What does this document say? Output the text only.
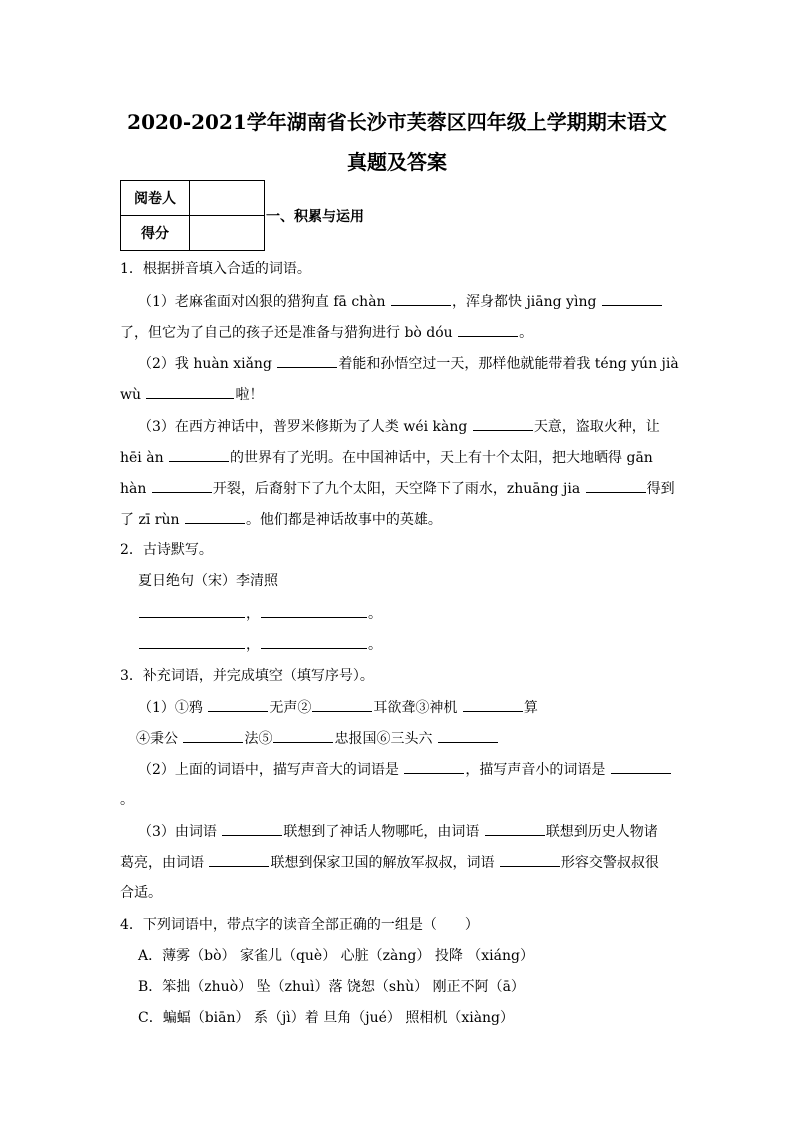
2020-2021学年湖南省长沙市芙蓉区四年级上学期期末语文
真题及答案
阅卷人	
得分	
一、积累与运用
1．根据拼音填入合适的词语。
（1）老麻雀面对凶狠的猎狗直 fā chàn	，浑身都快 jiāng yìng
了，但它为了自己的孩子还是准备与猎狗进行 bò dóu	。
（2）我 huàn xiǎng	着能和孙悟空过一天，那样他就能带着我 téng yún jià
wù	啦！
（3）在西方神话中，普罗米修斯为了人类 wéi kàng	天意，盗取火种，让
hēi àn	的世界有了光明。在中国神话中，天上有十个太阳，把大地晒得 gān
hàn	开裂，后裔射下了九个太阳，天空降下了雨水，zhuāng jia	得到
了 zī rùn	。他们都是神话故事中的英雄。
2．古诗默写。
夏日绝句（宋）李清照
，	。
，	。
3．补充词语，并完成填空（填写序号）。
（1）①鸦	无声②	耳欲聋③神机	算
④秉公	法⑤	忠报国⑥三头六
（2）上面的词语中，描写声音大的词语是	，描写声音小的词语是
。
（3）由词语	联想到了神话人物哪吒，由词语	联想到历史人物诸
葛亮，由词语	联想到保家卫国的解放军叔叔，词语	形容交警叔叔很
合适。
4．下列词语中，带点字的读音全部正确的一组是（　　）
A．薄雾（bò） 家雀儿（què） 心脏（zàng） 投降 （xiáng）
B．笨拙（zhuò） 坠（zhuì）落 饶恕（shù） 刚正不阿（ā）
C．蝙蝠（biān） 系（jì）着 旦角（jué） 照相机（xiàng）
